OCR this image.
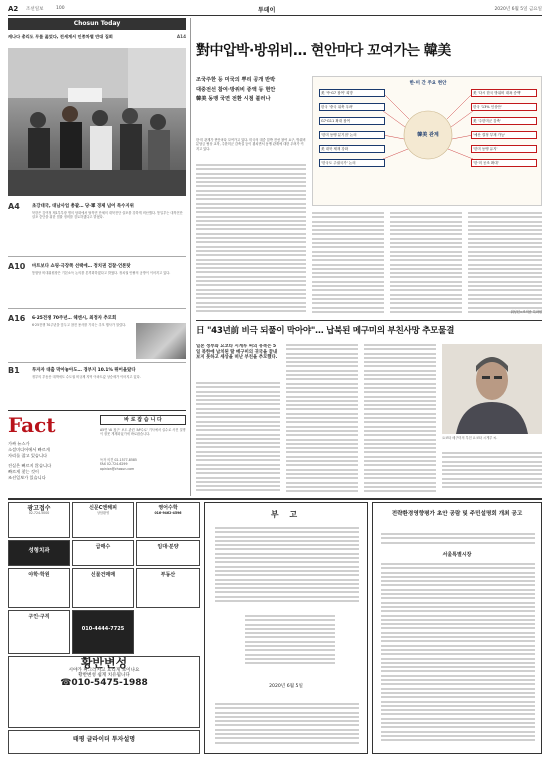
A2 조선일보	100	투데이	2020년 6월 5일 금요일
Chosun Today
캐나다 총리도 무릎 꿇었다, 전세계서 인종차별 반대 집회	A14
A4	초강대국, 대남사업 총괄… 당·軍 경제 넘어 특수지위
북한은 김여정 제1부부장 명의 담화에서 탈북민 단체의 대북전단 살포를 강하게 비난했다. 통일부는 대북전단 살포 중단을 위한 법률 정비를 검토하겠다고 밝혔다.
A10 마트보다 쇼핑·극장쪽 선택에… 정치권 검찰·언론탓
통합당 비대위원장은 기본소득 논의를 본격화하겠다고 밝혔다. 정치권 안팎의 공방이 이어지고 있다.
A16 6·25전쟁 70주년… 헤엔시, 최정자 추모회
6·25전쟁 70주년을 앞두고 참전 용사를 기리는 추모 행사가 열렸다.
B1	투자자 대출 막아놓아도… 경부지 10.1% 뛰어올랐다
정부의 부동산 대책에도 수도권 비규제 지역 아파트값 상승세가 이어지고 있다.
Fact
가짜 뉴스가
소셜미디어에서 빠르게
자리를 잡고 있습니다
진실은 뻐르지 않습니다
빠르게 찾는 것이
조선일보가 있습니다
바 로 잡 습 니 다
A5면 'AI 청구' 보도 관련 'AP수로' 기사에서 실수로 사진 설명이 잘못 게재되었기에 바로잡습니다.
독자 의견 02-1577-8585
FAX 02-724-6299
opinion@chosun.com
對中압박·방위비… 현안마다 꼬여가는 韓美
조국주한 등 미국의 뿌리 공개 반박
대중전선 참여·방위비 증액 등 현안
韓美 동맹 국면 전환 시점 불러나
한·미 관계가 현안마다 꼬여가고 있다. 미국의 대중 압박 전선 참여 요구, 방위비 분담금 협상 교착, 주한미군 감축설 등이 겹치면서 동맹 관계에 대한 우려가 커지고 있다.
한·미 간 주요 현안
韓美 관계
美 '中·G7 참여' 희망
한국 '중국 위축 우려'
G7·G11 확대 참여
'한미 동맹 분기점' 논의
美 대북 제재 강화
'한국도 주권국가' 논의
美 '다시 한국 방위비 대폭 증액'
한국 '13% 인상안'
美 '주한미군 감축'
'예산 결정 부재 가능'
'한미 동맹 유지'
'한·미 공조 확대'
워싱턴=조의준 특파원
日 "43년前 비극 되풀이 막아야"… 납북된 메구미의 부친사망 추모물결
일본 정부와 요코타 시게루 씨의 유족은 5일 북한에 납치된 딸 메구미의 귀국을 끝내 보지 못하고 세상을 떠난 부친을 추모했다.
요코타 메구미의 부친 요코타 시게루 씨.
광고접수
02-724-5000
신문C엔해피
상담환영
영어수학
016-9462-4596
성형치과
급매수	임대·분양
야학·학원	신물건매매	부동산
구인·구직
010-4444-7725
황반변성
시야가 찌그러지고 흐리게 보이나요
황반변성 쉽게 치유됩니다
☎010-5475-1988
태평 글라이더 투자설명
부 고
2020년 6월 5일
전략환경영향평가 초안 공람 및 주민설명회 개최 공고
서울특별시장
